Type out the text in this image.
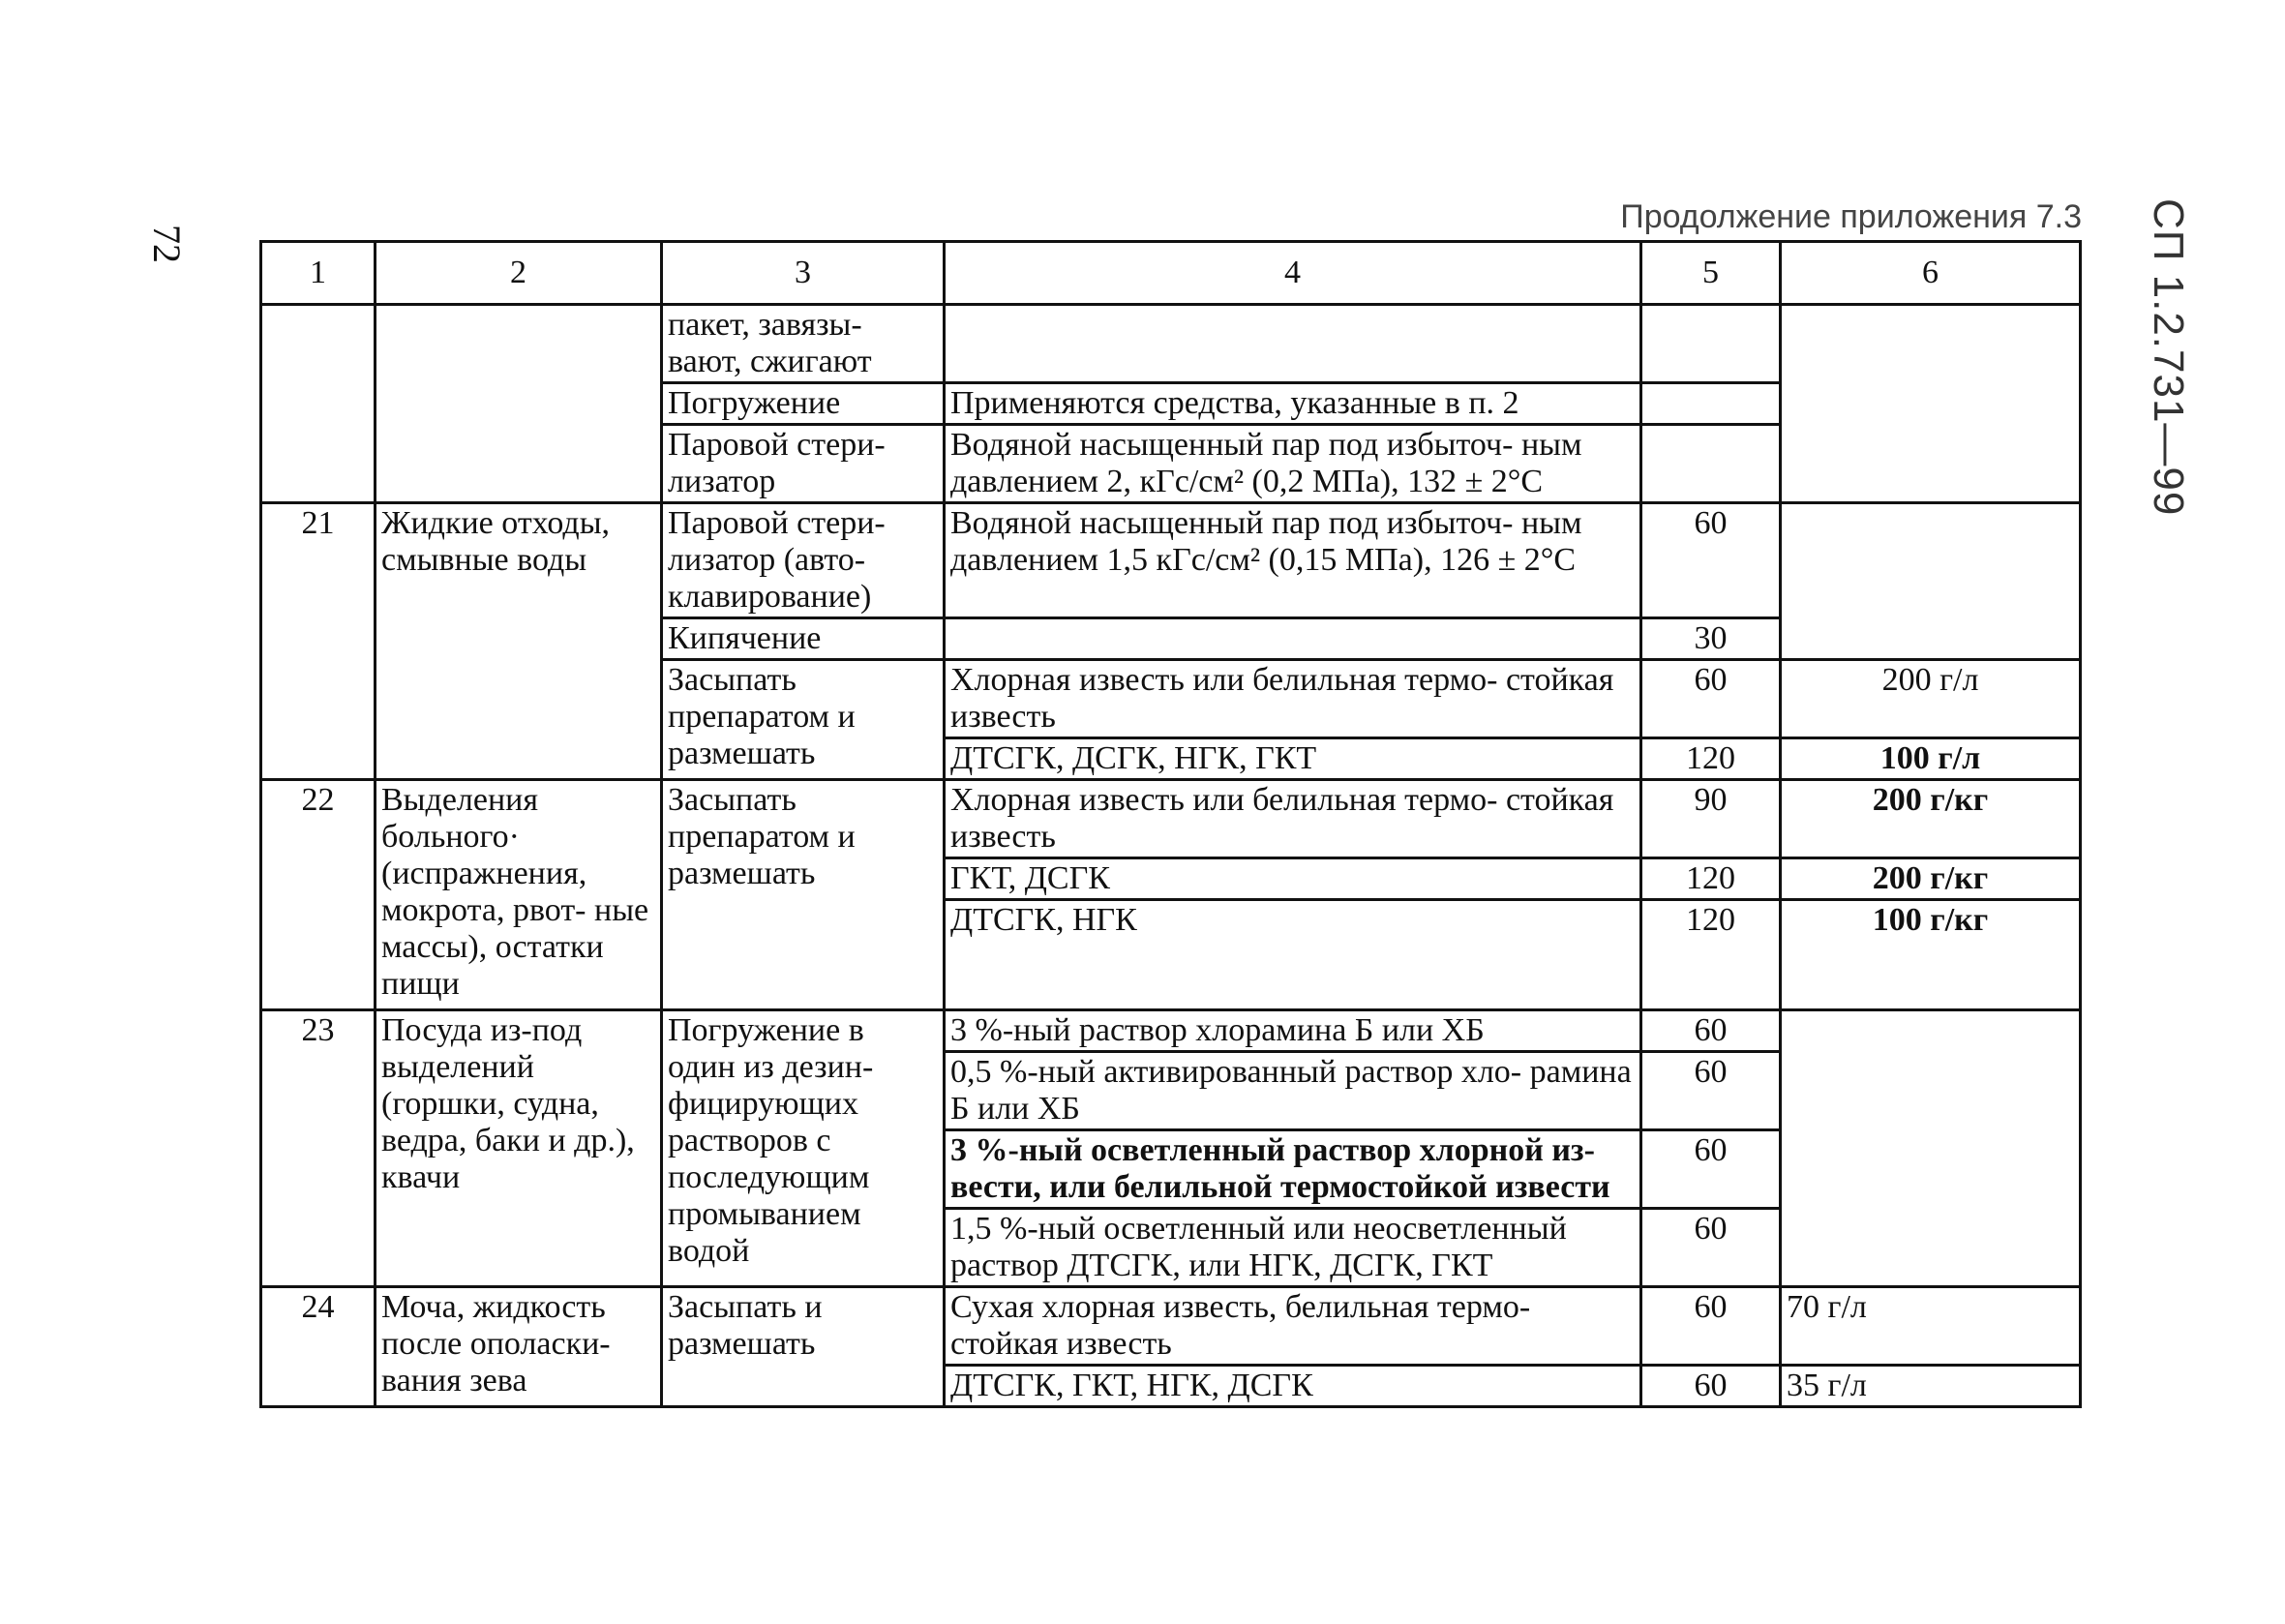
72	СП 1.2.731—99
Продолжение приложения 7.3
1	2	3	4	5	6
		пакет, завязы- вают, сжигают			
		Погружение	Применяются средства, указанные в п. 2		
		Паровой стери- лизатор	Водяной насыщенный пар под избыточ- ным давлением 2, кГс/см² (0,2 МПа), 132 ± 2°С		
21	Жидкие отходы, смывные воды	Паровой стери- лизатор (авто- клавирование)	Водяной насыщенный пар под избыточ- ным давлением 1,5 кГс/см² (0,15 МПа), 126 ± 2°С	60	
		Кипячение		30	
		Засыпать препаратом и размешать	Хлорная известь или белильная термо- стойкая известь	60	200 г/л
			ДТСГК, ДСГК, НГК, ГКТ	120	100 г/л
22	Выделения больного· (испражнения, мокрота, рвот- ные массы), остатки пищи	Засыпать препаратом и размешать	Хлорная известь или белильная термо- стойкая известь	90	200 г/кг
			ГКТ, ДСГК	120	200 г/кг
			ДТСГК, НГК	120	100 г/кг
23	Посуда из-под выделений (горшки, судна, ведра, баки и др.), квачи	Погружение в один из дезин- фицирующих растворов с последующим промыванием водой	3 %-ный раствор хлорамина Б или ХБ	60	
			0,5 %-ный активированный раствор хло- рамина Б или ХБ	60	
			3 %-ный осветленный раствор хлорной из- вести, или белильной термостойкой извести	60	
			1,5 %-ный осветленный или неосветленный раствор ДТСГК, или НГК, ДСГК, ГКТ	60	
24	Моча, жидкость после ополаски- вания зева	Засыпать и размешать	Сухая хлорная известь, белильная термо- стойкая известь	60	70 г/л
			ДТСГК, ГКТ, НГК, ДСГК	60	35 г/л
